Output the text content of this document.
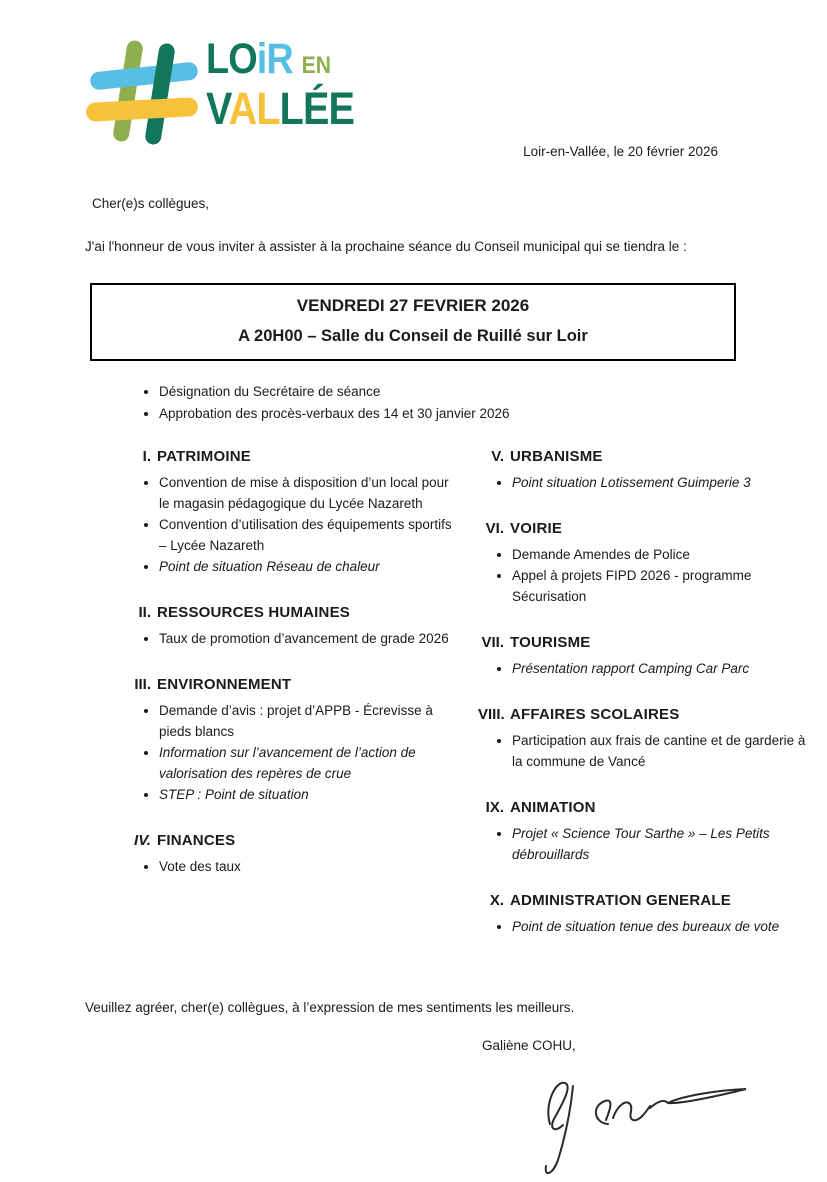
LOiR EN
VALLÉE
Loir-en-Vallée, le 20 février 2026
Cher(e)s collègues,
J'ai l'honneur de vous inviter à assister à la prochaine séance du Conseil municipal qui se tiendra le :
VENDREDI 27 FEVRIER 2026
A 20H00 – Salle du Conseil de Ruillé sur Loir
• Désignation du Secrétaire de séance
• Approbation des procès-verbaux des 14 et 30 janvier 2026
I. PATRIMOINE
• Convention de mise à disposition d’un local pour le magasin pédagogique du Lycée Nazareth
• Convention d’utilisation des équipements sportifs – Lycée Nazareth
• Point de situation Réseau de chaleur
II. RESSOURCES HUMAINES
• Taux de promotion d’avancement de grade 2026
III. ENVIRONNEMENT
• Demande d’avis : projet d’APPB - Écrevisse à pieds blancs
• Information sur l’avancement de l’action de valorisation des repères de crue
• STEP : Point de situation
IV. FINANCES
• Vote des taux
V. URBANISME
• Point situation Lotissement Guimperie 3
VI. VOIRIE
• Demande Amendes de Police
• Appel à projets FIPD 2026 - programme Sécurisation
VII. TOURISME
• Présentation rapport Camping Car Parc
VIII. AFFAIRES SCOLAIRES
• Participation aux frais de cantine et de garderie à la commune de Vancé
IX. ANIMATION
• Projet « Science Tour Sarthe » – Les Petits débrouillards
X. ADMINISTRATION GENERALE
• Point de situation tenue des bureaux de vote
Veuillez agréer, cher(e) collègues, à l’expression de mes sentiments les meilleurs.
Galiène COHU,
